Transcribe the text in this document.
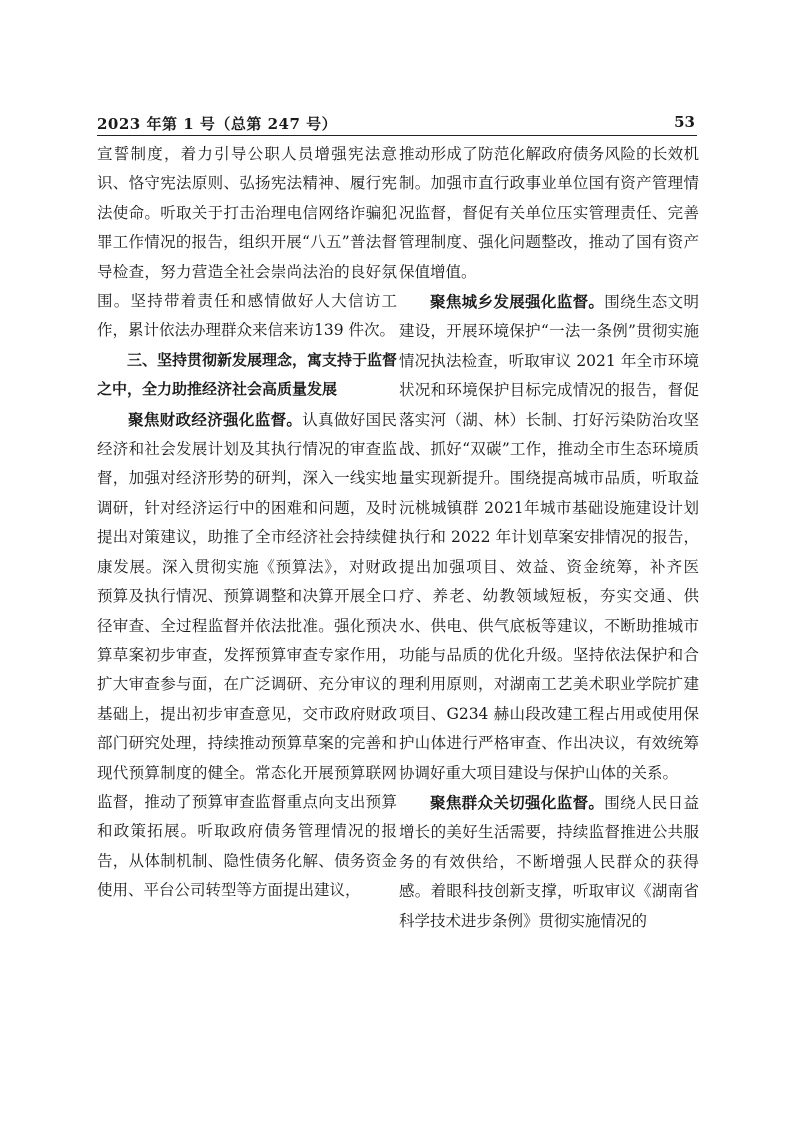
2023 年第 1 号（总第 247 号）	53

宣誓制度，着力引导公职人员增强宪法意识、恪守宪法原则、弘扬宪法精神、履行宪法使命。听取关于打击治理电信网络诈骗犯罪工作情况的报告，组织开展“八五”普法督导检查，努力营造全社会崇尚法治的良好氛围。坚持带着责任和感情做好人大信访工作，累计依法办理群众来信来访139 件次。

三、坚持贯彻新发展理念，寓支持于监督之中，全力助推经济社会高质量发展

聚焦财政经济强化监督。认真做好国民经济和社会发展计划及其执行情况的审查监督，加强对经济形势的研判，深入一线实地调研，针对经济运行中的困难和问题，及时提出对策建议，助推了全市经济社会持续健康发展。深入贯彻实施《预算法》，对财政预算及执行情况、预算调整和决算开展全口径审查、全过程监督并依法批准。强化预决算草案初步审查，发挥预算审查专家作用，扩大审查参与面，在广泛调研、充分审议的基础上，提出初步审查意见，交市政府财政部门研究处理，持续推动预算草案的完善和现代预算制度的健全。常态化开展预算联网监督，推动了预算审查监督重点向支出预算和政策拓展。听取政府债务管理情况的报告，从体制机制、隐性债务化解、债务资金使用、平台公司转型等方面提出建议，

推动形成了防范化解政府债务风险的长效机制。加强市直行政事业单位国有资产管理情况监督，督促有关单位压实管理责任、完善管理制度、强化问题整改，推动了国有资产保值增值。

聚焦城乡发展强化监督。围绕生态文明建设，开展环境保护“一法一条例”贯彻实施情况执法检查，听取审议 2021 年全市环境状况和环境保护目标完成情况的报告，督促落实河（湖、林）长制、打好污染防治攻坚战、抓好“双碳”工作，推动全市生态环境质量实现新提升。围绕提高城市品质，听取益沅桃城镇群 2021年城市基础设施建设计划执行和 2022 年计划草案安排情况的报告，提出加强项目、效益、资金统筹，补齐医疗、养老、幼教领域短板，夯实交通、供水、供电、供气底板等建议，不断助推城市功能与品质的优化升级。坚持依法保护和合理利用原则，对湖南工艺美术职业学院扩建项目、G234 赫山段改建工程占用或使用保护山体进行严格审查、作出决议，有效统筹协调好重大项目建设与保护山体的关系。

聚焦群众关切强化监督。围绕人民日益增长的美好生活需要，持续监督推进公共服务的有效供给，不断增强人民群众的获得感。着眼科技创新支撑，听取审议《湖南省科学技术进步条例》贯彻实施情况的
